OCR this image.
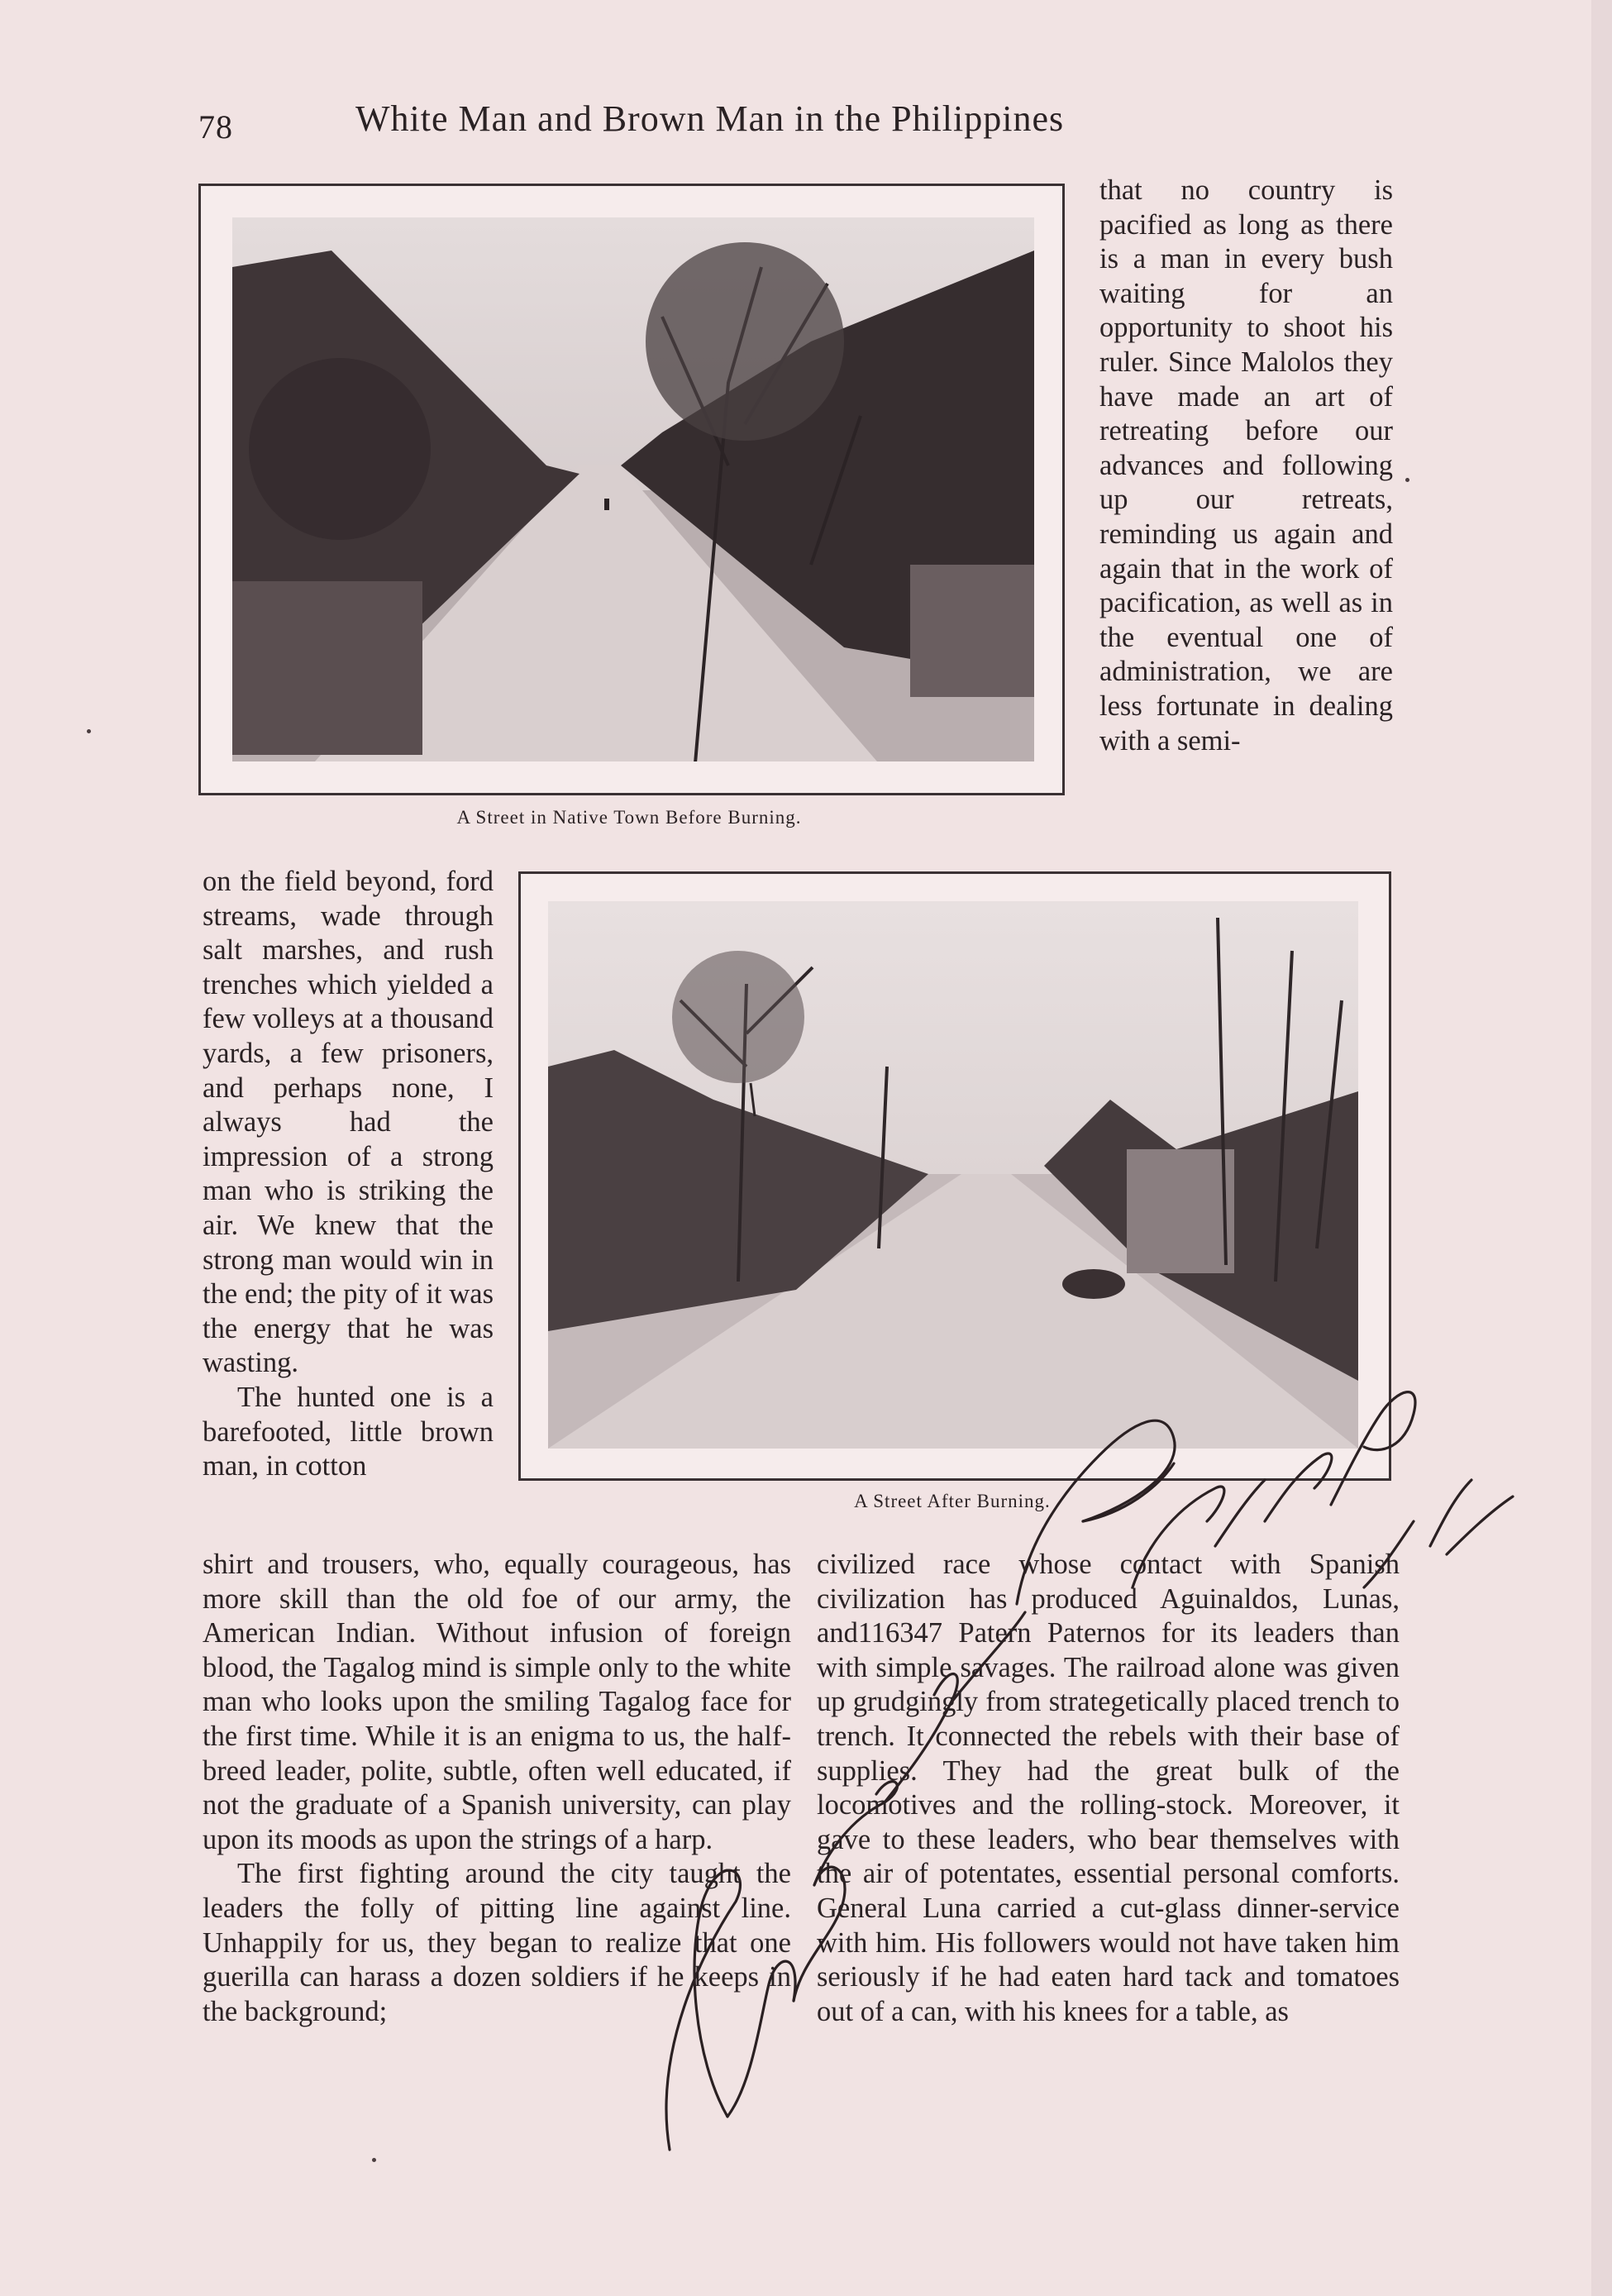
78	White Man and Brown Man in the Philippines
A Street in Native Town Before Burning.
A Street After Burning.

that no country is pacified as long as there is a man in every bush waiting for an opportunity to shoot his ruler. Since Malolos they have made an art of retreating before our advances and following up our retreats, reminding us again and again that in the work of pacification, as well as in the eventual one of administration, we are less fortunate in dealing with a semi-

on the field beyond, ford streams, wade through salt marshes, and rush trenches which yielded a few volleys at a thousand yards, a few prisoners, and perhaps none, I always had the impression of a strong man who is striking the air. We knew that the strong man would win in the end; the pity of it was the energy that he was wasting.

The hunted one is a barefooted, little brown man, in cotton

shirt and trousers, who, equally courageous, has more skill than the old foe of our army, the American Indian. Without infusion of foreign blood, the Tagalog mind is simple only to the white man who looks upon the smiling Tagalog face for the first time. While it is an enigma to us, the half-breed leader, polite, subtle, often well educated, if not the graduate of a Spanish university, can play upon its moods as upon the strings of a harp.

The first fighting around the city taught the leaders the folly of pitting line against line. Unhappily for us, they began to realize that one guerilla can harass a dozen soldiers if he keeps in the background;

civilized race whose contact with Spanish civilization has produced Aguinaldos, Lunas, and116347 Patern Paternos for its leaders than with simple savages. The railroad alone was given up grudgingly from strategetically placed trench to trench. It connected the rebels with their base of supplies. They had the great bulk of the locomotives and the rolling-stock. Moreover, it gave to these leaders, who bear themselves with the air of potentates, essential personal comforts. General Luna carried a cut-glass dinner-service with him. His followers would not have taken him seriously if he had eaten hard tack and tomatoes out of a can, with his knees for a table, as
